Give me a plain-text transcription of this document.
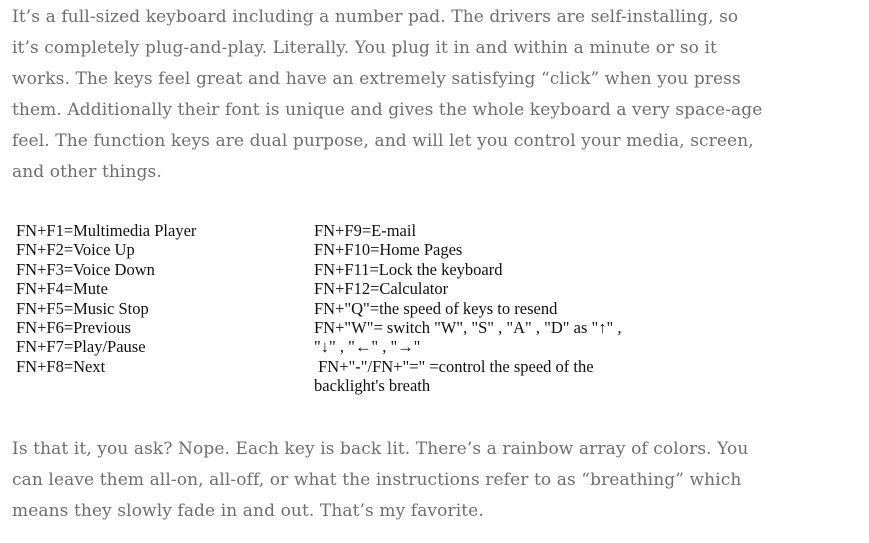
It’s a full-sized keyboard including a number pad. The drivers are self-installing, so
it’s completely plug-and-play. Literally. You plug it in and within a minute or so it
works. The keys feel great and have an extremely satisfying “click” when you press
them. Additionally their font is unique and gives the whole keyboard a very space-age
feel. The function keys are dual purpose, and will let you control your media, screen,
and other things.
FN+F1=Multimedia Player
FN+F2=Voice Up
FN+F3=Voice Down
FN+F4=Mute
FN+F5=Music Stop
FN+F6=Previous
FN+F7=Play/Pause
FN+F8=Next
FN+F9=E-mail
FN+F10=Home Pages
FN+F11=Lock the keyboard
FN+F12=Calculator
FN+"Q"=the speed of keys to resend
FN+"W"= switch "W", "S" , "A" , "D" as "↑" ,
"↓" , "←" , "→"
FN+"-"/FN+"=" =control the speed of the
backlight's breath
Is that it, you ask? Nope. Each key is back lit. There’s a rainbow array of colors. You
can leave them all-on, all-off, or what the instructions refer to as “breathing” which
means they slowly fade in and out. That’s my favorite.
